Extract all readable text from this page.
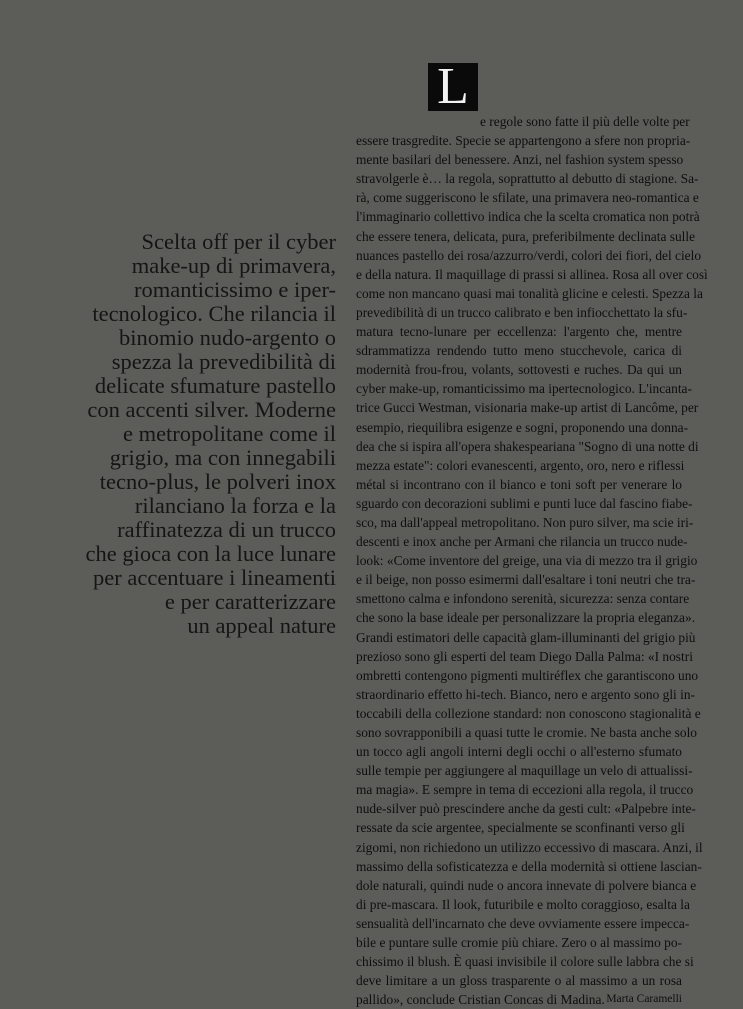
L
Scelta off per il cyber
make-up di primavera,
romanticissimo e iper-
tecnologico. Che rilancia il
binomio nudo-argento o
spezza la prevedibilità di
delicate sfumature pastello
con accenti silver. Moderne
e metropolitane come il
grigio, ma con innegabili
tecno-plus, le polveri inox
rilanciano la forza e la
raffinatezza di un trucco
che gioca con la luce lunare
per accentuare i lineamenti
e per caratterizzare
un appeal nature
e regole sono fatte il più delle volte per
essere trasgredite. Specie se appartengono a sfere non propria-
mente basilari del benessere. Anzi, nel fashion system spesso
stravolgerle è… la regola, soprattutto al debutto di stagione. Sa-
rà, come suggeriscono le sfilate, una primavera neo-romantica e
l'immaginario collettivo indica che la scelta cromatica non potrà
che essere tenera, delicata, pura, preferibilmente declinata sulle
nuances pastello dei rosa/azzurro/verdi, colori dei fiori, del cielo
e della natura. Il maquillage di prassi si allinea. Rosa all over così
come non mancano quasi mai tonalità glicine e celesti. Spezza la
prevedibilità di un trucco calibrato e ben infiocchettato la sfu-
matura tecno-lunare per eccellenza: l'argento che, mentre
sdrammatizza rendendo tutto meno stucchevole, carica di
modernità frou-frou, volants, sottovesti e ruches. Da qui un
cyber make-up, romanticissimo ma ipertecnologico. L'incanta-
trice Gucci Westman, visionaria make-up artist di Lancôme, per
esempio, riequilibra esigenze e sogni, proponendo una donna-
dea che si ispira all'opera shakespeariana "Sogno di una notte di
mezza estate": colori evanescenti, argento, oro, nero e riflessi
métal si incontrano con il bianco e toni soft per venerare lo
sguardo con decorazioni sublimi e punti luce dal fascino fiabe-
sco, ma dall'appeal metropolitano. Non puro silver, ma scie iri-
descenti e inox anche per Armani che rilancia un trucco nude-
look: «Come inventore del greige, una via di mezzo tra il grigio
e il beige, non posso esimermi dall'esaltare i toni neutri che tra-
smettono calma e infondono serenità, sicurezza: senza contare
che sono la base ideale per personalizzare la propria eleganza».
Grandi estimatori delle capacità glam-illuminanti del grigio più
prezioso sono gli esperti del team Diego Dalla Palma: «I nostri
ombretti contengono pigmenti multiréflex che garantiscono uno
straordinario effetto hi-tech. Bianco, nero e argento sono gli in-
toccabili della collezione standard: non conoscono stagionalità e
sono sovrapponibili a quasi tutte le cromie. Ne basta anche solo
un tocco agli angoli interni degli occhi o all'esterno sfumato
sulle tempie per aggiungere al maquillage un velo di attualissi-
ma magia». E sempre in tema di eccezioni alla regola, il trucco
nude-silver può prescindere anche da gesti cult: «Palpebre inte-
ressate da scie argentee, specialmente se sconfinanti verso gli
zigomi, non richiedono un utilizzo eccessivo di mascara. Anzi, il
massimo della sofisticatezza e della modernità si ottiene lascian-
dole naturali, quindi nude o ancora innevate di polvere bianca e
di pre-mascara. Il look, futuribile e molto coraggioso, esalta la
sensualità dell'incarnato che deve ovviamente essere impecca-
bile e puntare sulle cromie più chiare. Zero o al massimo po-
chissimo il blush. È quasi invisibile il colore sulle labbra che si
deve limitare a un gloss trasparente o al massimo a un rosa
pallido», conclude Cristian Concas di Madina. Marta Caramelli
